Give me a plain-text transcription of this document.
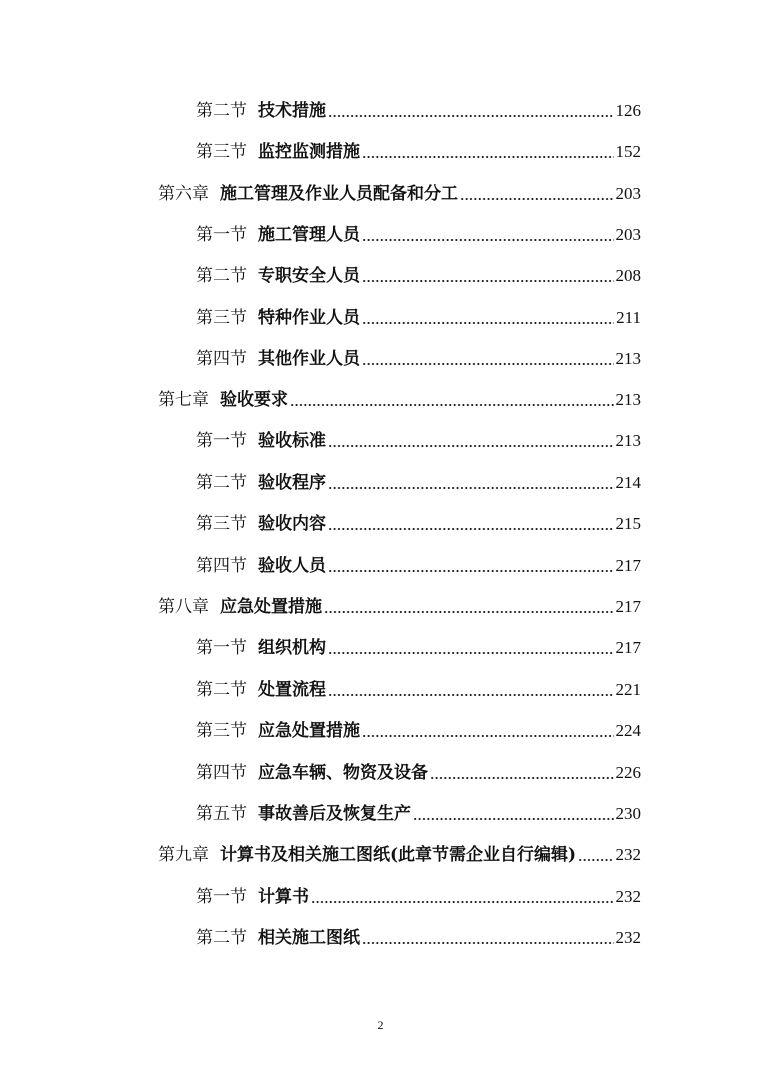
第二节 技术措施	126
第三节 监控监测措施	152
第六章 施工管理及作业人员配备和分工	203
第一节 施工管理人员	203
第二节 专职安全人员	208
第三节 特种作业人员	211
第四节 其他作业人员	213
第七章 验收要求	213
第一节 验收标准	213
第二节 验收程序	214
第三节 验收内容	215
第四节 验收人员	217
第八章 应急处置措施	217
第一节 组织机构	217
第二节 处置流程	221
第三节 应急处置措施	224
第四节 应急车辆、物资及设备	226
第五节 事故善后及恢复生产	230
第九章 计算书及相关施工图纸(此章节需企业自行编辑) 232
第一节 计算书	232
第二节 相关施工图纸	232
2
